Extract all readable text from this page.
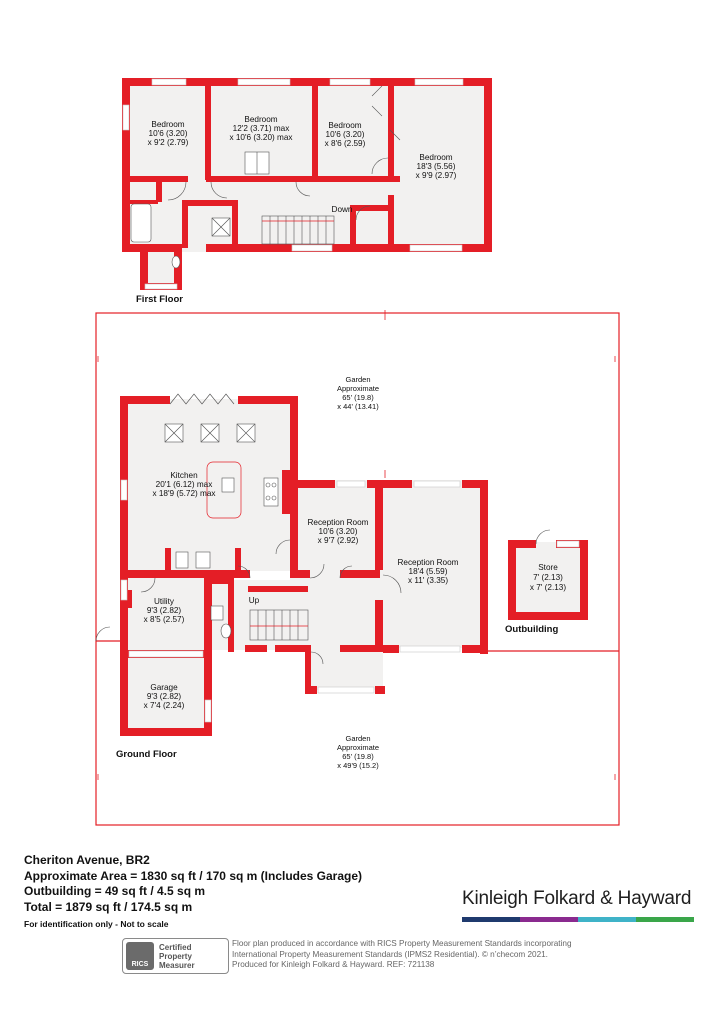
Bedroom
10'6 (3.20)
x 9'2 (2.79)
Bedroom
12'2 (3.71) max
x 10'6 (3.20) max
Bedroom
10'6 (3.20)
x 8'6 (2.59)
Bedroom
18'3 (5.56)
x 9'9 (2.97)
Down
First Floor
Kitchen
20'1 (6.12) max
x 18'9 (5.72) max
Reception Room
10'6 (3.20)
x 9'7 (2.92)
Reception Room
18'4 (5.59)
x 11' (3.35)
Utility
9'3 (2.82)
x 8'5 (2.57)
Garage
9'3 (2.82)
x 7'4 (2.24)
Up
Ground Floor
Store
7' (2.13)
x 7' (2.13)
Outbuilding
Garden
Approximate
65' (19.8)
x 44' (13.41)
Garden
Approximate
65' (19.8)
x 49'9 (15.2)
Cheriton Avenue, BR2
Approximate Area = 1830 sq ft / 170 sq m (Includes Garage)
Outbuilding = 49 sq ft / 4.5 sq m
Total = 1879 sq ft / 174.5 sq m
For identification only - Not to scale
Kinleigh Folkard & Hayward
RICS
Certified
Property
Measurer
Floor plan produced in accordance with RICS Property Measurement Standards incorporating
International Property Measurement Standards (IPMS2 Residential). © n’checom 2021.
Produced for Kinleigh Folkard & Hayward. REF: 721138
